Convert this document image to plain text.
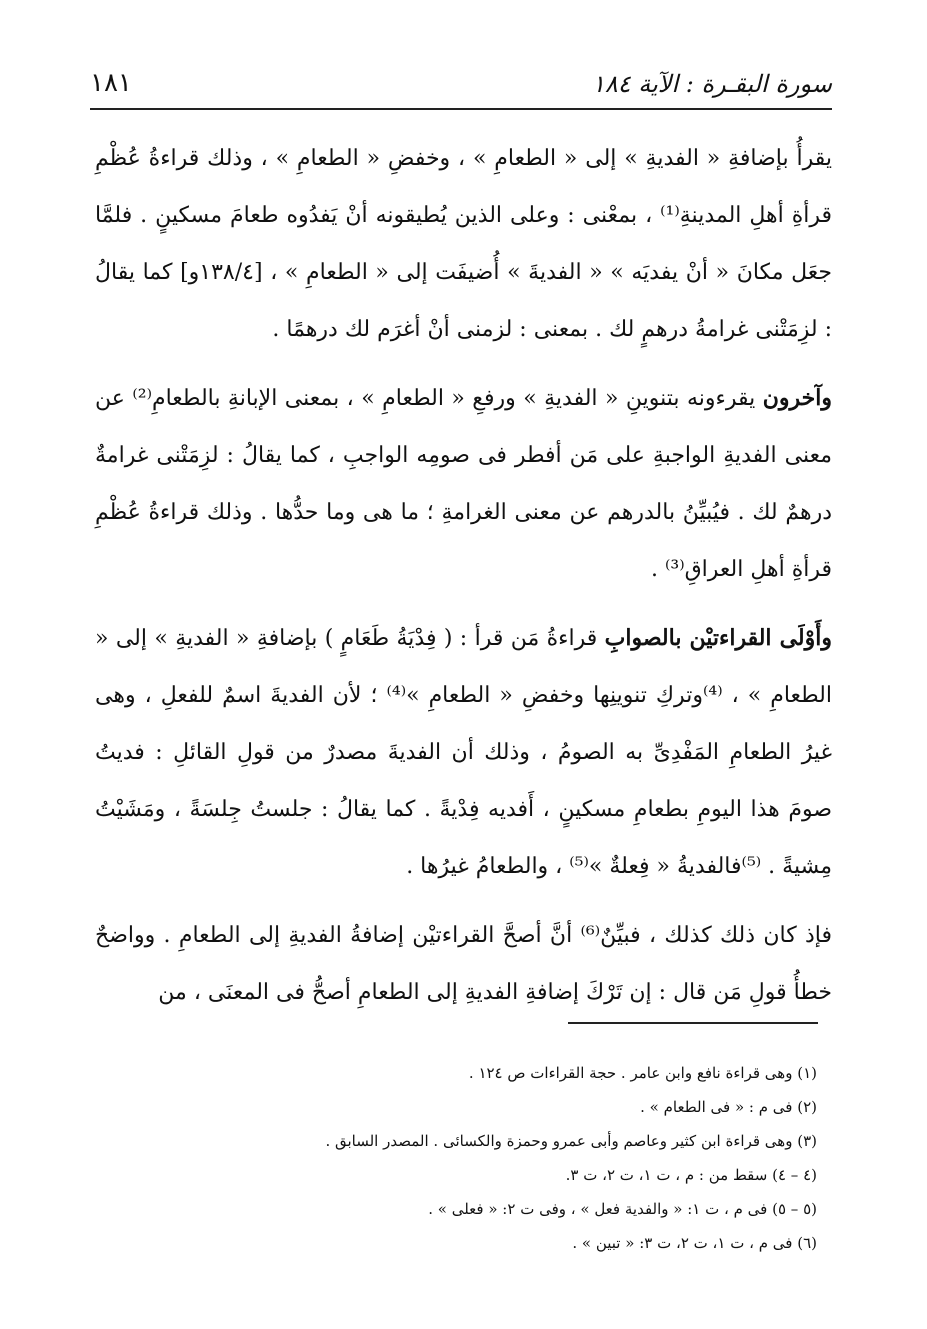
سورة البقـرة : الآية ١٨٤
١٨١

يقرأُ بإضافةِ « الفديةِ » إلى « الطعامِ » ، وخفضِ « الطعامِ » ، وذلك قراءةُ عُظْمِ قرأةِ أهلِ المدينةِ⁽¹⁾ ، بمعْنى : وعلى الذين يُطيقونه أنْ يَفدُوه طعامَ مسكينٍ . فلمَّا جعَل مكانَ « أنْ يفديَه » « الفديةَ » أُضيفَت إلى « الطعامِ » ، [١٣٨/٤و] كما يقالُ : لزِمَتْنى غرامةُ درهمٍ لك . بمعنى : لزمنى أنْ أغرَم لك درهمًا .

وآخرون يقرءونه بتنوينِ « الفديةِ » ورفعِ « الطعامِ » ، بمعنى الإبانةِ بالطعامِ⁽²⁾ عن معنى الفديةِ الواجبةِ على مَن أفطر فى صومِه الواجبِ ، كما يقالُ : لزِمَتْنى غرامةٌ درهمٌ لك . فيُبيِّنُ بالدرهم عن معنى الغرامةِ ؛ ما هى وما حدُّها . وذلك قراءةُ عُظْمِ قرأةِ أهلِ العراقِ⁽³⁾ .

وأَوْلَى القراءتيْن بالصوابِ قراءةُ مَن قرأ : ( فِدْيَةُ طَعَامٍ ) بإضافةِ « الفديةِ » إلى « الطعامِ » ، ⁽⁴⁾وتركِ تنوينِها وخفضِ « الطعامِ »⁽⁴⁾ ؛ لأن الفديةَ اسمٌ للفعلِ ، وهى غيرُ الطعامِ المَفْدِىِّ به الصومُ ، وذلك أن الفديةَ مصدرٌ من قولِ القائلِ : فديتُ صومَ هذا اليومِ بطعامِ مسكينٍ ، أَفديه فِدْيةً . كما يقالُ : جلستُ جِلسَةً ، ومَشَيْتُ مِشيةً . ⁽⁵⁾فالفديةُ « فِعلةٌ »⁽⁵⁾ ، والطعامُ غيرُها .

فإذ كان ذلك كذلك ، فبيِّنٌ⁽⁶⁾ أنَّ أصحَّ القراءتيْن إضافةُ الفديةِ إلى الطعامِ . وواضحٌ خطأُ قولِ مَن قال : إن تَرْكَ إضافةِ الفديةِ إلى الطعامِ أصحُّ فى المعنَى ، من

(١) وهى قراءة نافع وابن عامر . حجة القراءات ص ١٢٤ .
(٢) فى م : « فى الطعام » .
(٣) وهى قراءة ابن كثير وعاصم وأبى عمرو وحمزة والكسائى . المصدر السابق .
(٤ – ٤) سقط من : م ، ت ١، ت ٢، ت ٣.
(٥ – ٥) فى م ، ت ١: « والفدية فعل » ، وفى ت ٢: « فعلى » .
(٦) فى م ، ت ١، ت ٢، ت ٣: « تبين » .
